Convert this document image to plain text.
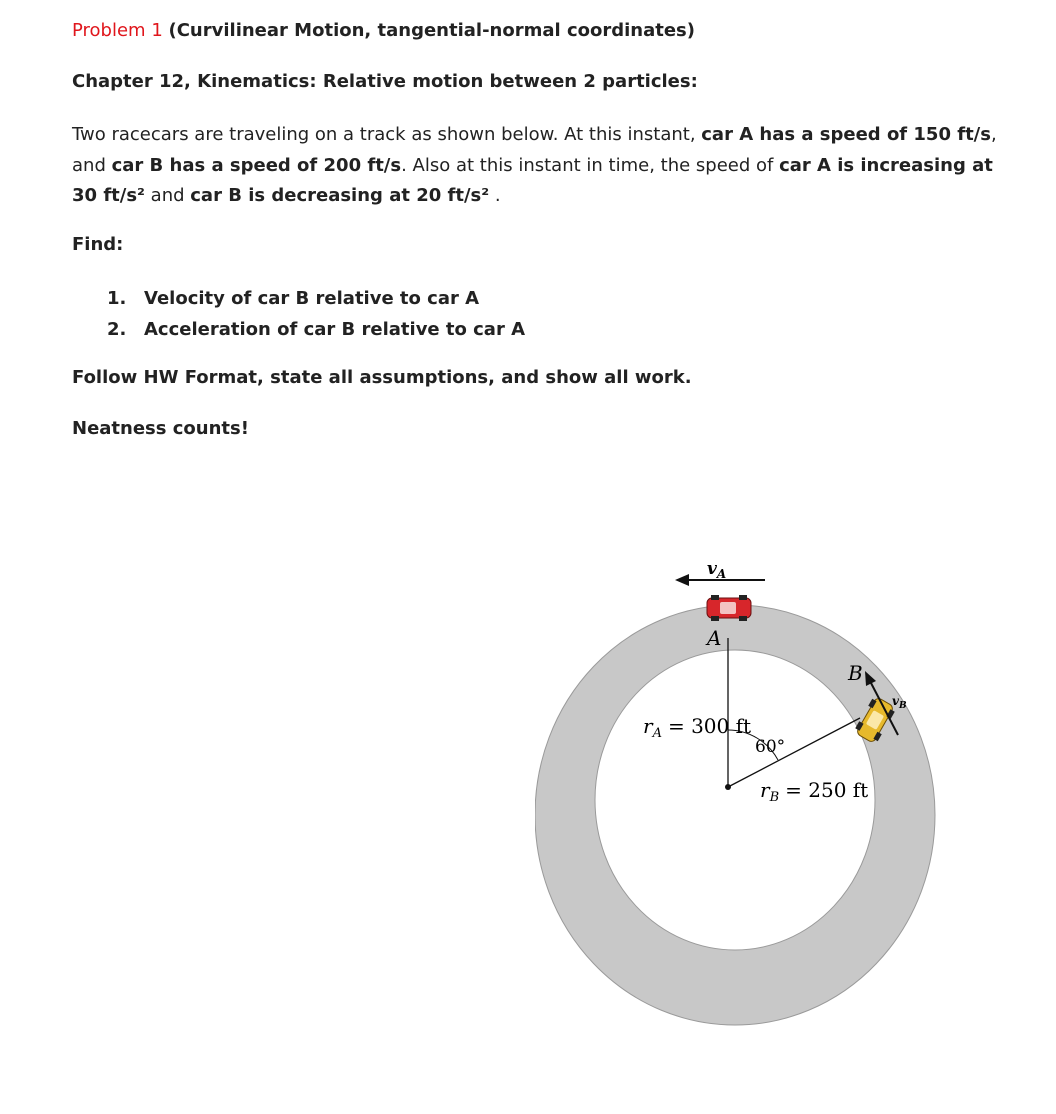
Problem 1 (Curvilinear Motion, tangential-normal coordinates)
Chapter 12, Kinematics: Relative motion between 2 particles:
Two racecars are traveling on a track as shown below. At this instant, car A has a speed of 150 ft/s, and car B has a speed of 200 ft/s. Also at this instant in time, the speed of car A is increasing at 30 ft/s² and car B is decreasing at 20 ft/s² .
Find:
1. Velocity of car B relative to car A
2. Acceleration of car B relative to car A
Follow HW Format, state all assumptions, and show all work.
Neatness counts!
$v_A$
A
B
$v_B$
$r_A = 300$ ft
60°
$r_B = 250$ ft
